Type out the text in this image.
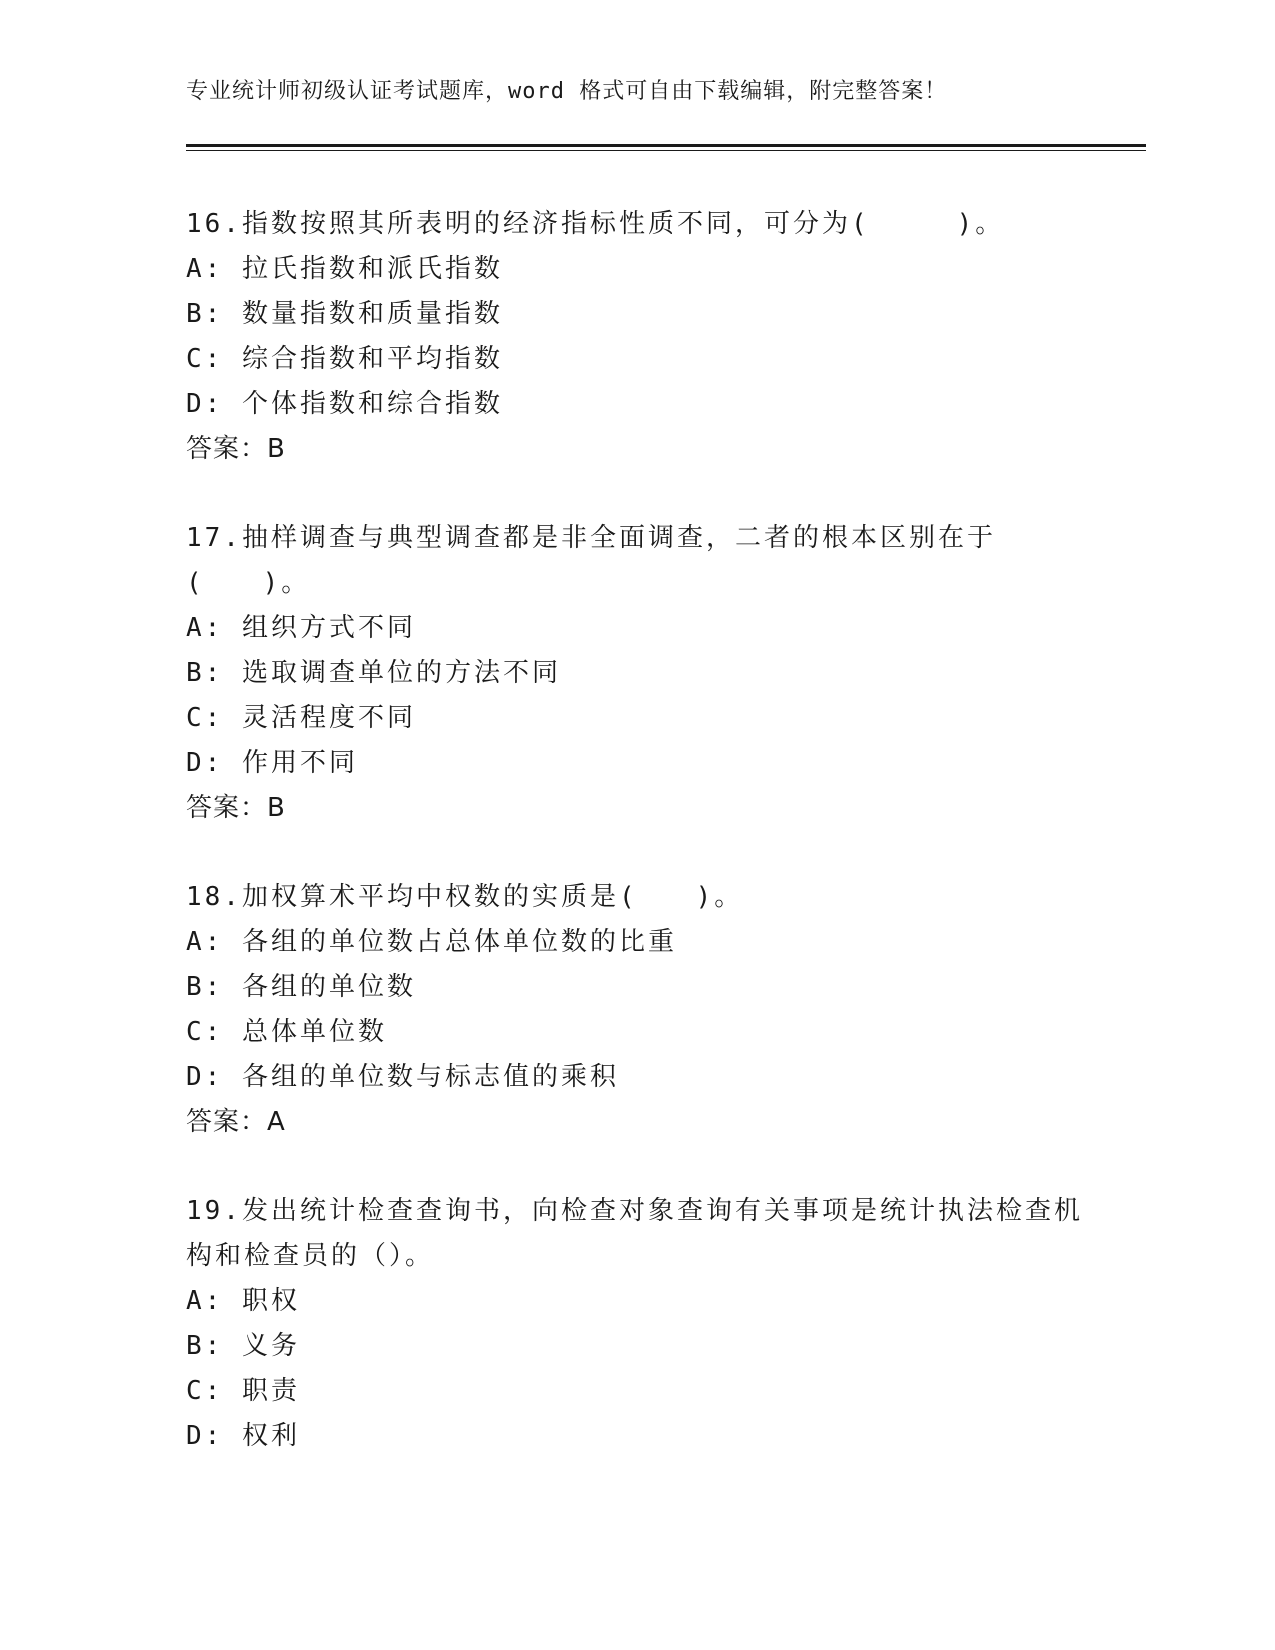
专业统计师初级认证考试题库，word 格式可自由下载编辑，附完整答案！
16.指数按照其所表明的经济指标性质不同，可分为(　　　)。
A: 拉氏指数和派氏指数
B: 数量指数和质量指数
C: 综合指数和平均指数
D: 个体指数和综合指数
答案：B
17.抽样调查与典型调查都是非全面调查，二者的根本区别在于(　　)。
A: 组织方式不同
B: 选取调查单位的方法不同
C: 灵活程度不同
D: 作用不同
答案：B
18.加权算术平均中权数的实质是(　　)。
A: 各组的单位数占总体单位数的比重
B: 各组的单位数
C: 总体单位数
D: 各组的单位数与标志值的乘积
答案：A
19.发出统计检查查询书，向检查对象查询有关事项是统计执法检查机构和检查员的（）。
A: 职权
B: 义务
C: 职责
D: 权利
